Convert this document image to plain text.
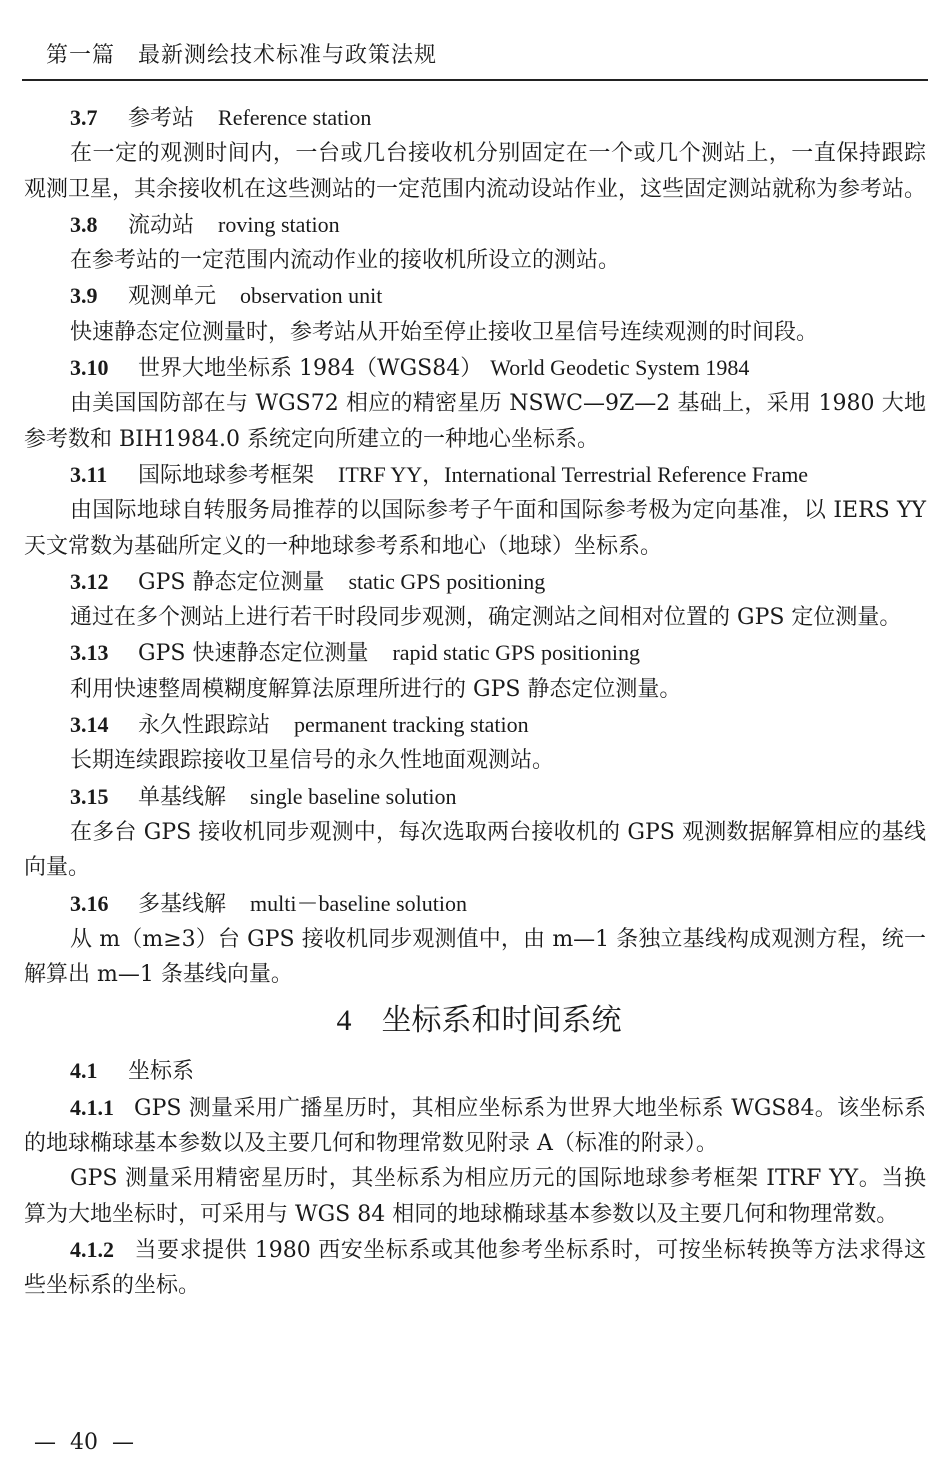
第一篇　最新测绘技术标准与政策法规
3.7 参考站 Reference station
在一定的观测时间内，一台或几台接收机分别固定在一个或几个测站上，一直保持跟踪观测卫星，其余接收机在这些测站的一定范围内流动设站作业，这些固定测站就称为参考站。
3.8 流动站 roving station
在参考站的一定范围内流动作业的接收机所设立的测站。
3.9 观测单元 observation unit
快速静态定位测量时，参考站从开始至停止接收卫星信号连续观测的时间段。
3.10 世界大地坐标系 1984（WGS84） World Geodetic System 1984
由美国国防部在与 WGS72 相应的精密星历 NSWC—9Z—2 基础上，采用 1980 大地参考数和 BIH1984.0 系统定向所建立的一种地心坐标系。
3.11 国际地球参考框架 ITRF YY，International Terrestrial Reference Frame
由国际地球自转服务局推荐的以国际参考子午面和国际参考极为定向基准，以 IERS YY 天文常数为基础所定义的一种地球参考系和地心（地球）坐标系。
3.12 GPS 静态定位测量 static GPS positioning
通过在多个测站上进行若干时段同步观测，确定测站之间相对位置的 GPS 定位测量。
3.13 GPS 快速静态定位测量 rapid static GPS positioning
利用快速整周模糊度解算法原理所进行的 GPS 静态定位测量。
3.14 永久性跟踪站 permanent tracking station
长期连续跟踪接收卫星信号的永久性地面观测站。
3.15 单基线解 single baseline solution
在多台 GPS 接收机同步观测中，每次选取两台接收机的 GPS 观测数据解算相应的基线向量。
3.16 多基线解 multi－baseline solution
从 m（m≥3）台 GPS 接收机同步观测值中，由 m—1 条独立基线构成观测方程，统一解算出 m—1 条基线向量。
4 坐标系和时间系统
4.1 坐标系
4.1.1 GPS 测量采用广播星历时，其相应坐标系为世界大地坐标系 WGS84。该坐标系的地球椭球基本参数以及主要几何和物理常数见附录 A（标准的附录）。
GPS 测量采用精密星历时，其坐标系为相应历元的国际地球参考框架 ITRF YY。当换算为大地坐标时，可采用与 WGS 84 相同的地球椭球基本参数以及主要几何和物理常数。
4.1.2 当要求提供 1980 西安坐标系或其他参考坐标系时，可按坐标转换等方法求得这些坐标系的坐标。
—  40  —
